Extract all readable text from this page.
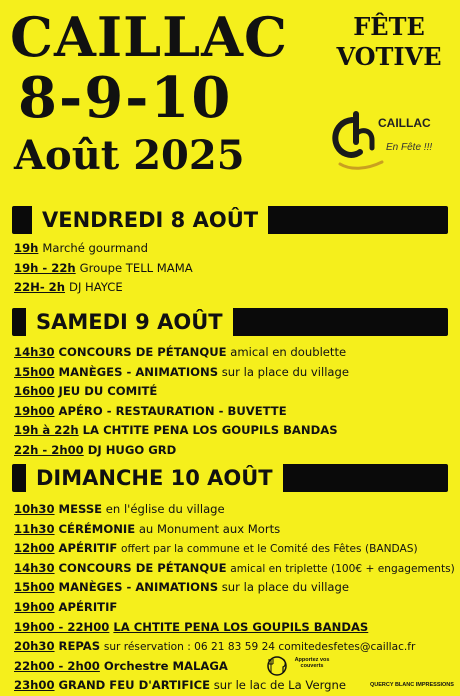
CAILLAC
8-9-10
Août 2025
FÊTE
VOTIVE
CAILLAC
En Fête !!!
VENDREDI 8 AOÛT
19h Marché gourmand
19h - 22h Groupe TELL MAMA
22H- 2h DJ HAYCE
SAMEDI 9 AOÛT
14h30 CONCOURS DE PÉTANQUE amical en doublette
15h00 MANÈGES - ANIMATIONS sur la place du village
16h00 JEU DU COMITÉ
19h00 APÉRO - RESTAURATION - BUVETTE
19h à 22h LA CHTITE PENA LOS GOUPILS BANDAS
22h - 2h00 DJ HUGO GRD
DIMANCHE 10 AOÛT
10h30 MESSE en l'église du village
11h30 CÉRÉMONIE au Monument aux Morts
12h00 APÉRITIF offert par la commune et le Comité des Fêtes (BANDAS)
14h30 CONCOURS DE PÉTANQUE amical en triplette (100€ + engagements)
15h00 MANÈGES - ANIMATIONS sur la place du village
19h00 APÉRITIF
19h00 - 22H00 LA CHTITE PENA LOS GOUPILS BANDAS
20h30 REPAS sur réservation : 06 21 83 59 24 comitedesfetes@caillac.fr
22h00 - 2h00 Orchestre MALAGA
23h00 GRAND FEU D'ARTIFICE sur le lac de La Vergne
Apportez vos couverts
QUERCY BLANC IMPRESSIONS
